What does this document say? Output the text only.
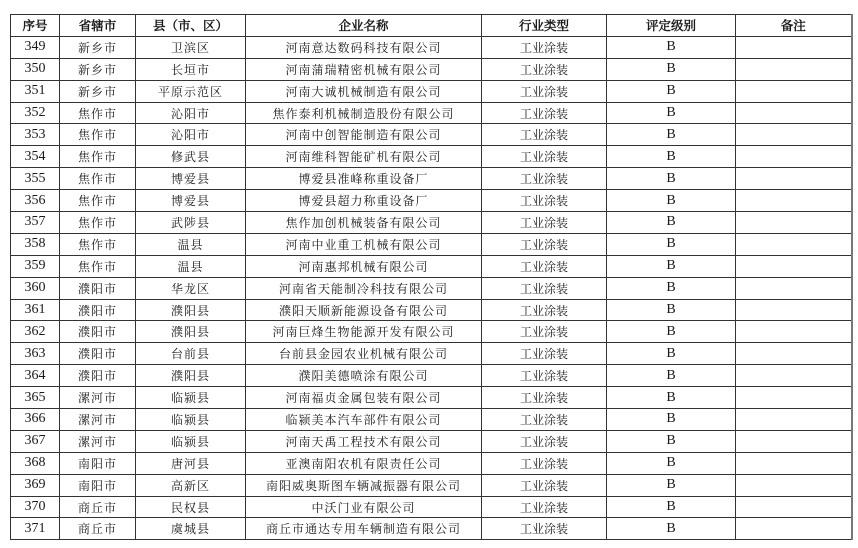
序号	省辖市	县（市、区）	企业名称	行业类型	评定级别	备注
349	新乡市	卫滨区	河南意达数码科技有限公司	工业涂装	B	
350	新乡市	长垣市	河南蒲瑞精密机械有限公司	工业涂装	B	
351	新乡市	平原示范区	河南大诚机械制造有限公司	工业涂装	B	
352	焦作市	沁阳市	焦作泰利机械制造股份有限公司	工业涂装	B	
353	焦作市	沁阳市	河南中创智能制造有限公司	工业涂装	B	
354	焦作市	修武县	河南维科智能矿机有限公司	工业涂装	B	
355	焦作市	博爱县	博爱县准峰称重设备厂	工业涂装	B	
356	焦作市	博爱县	博爱县超力称重设备厂	工业涂装	B	
357	焦作市	武陟县	焦作加创机械装备有限公司	工业涂装	B	
358	焦作市	温县	河南中业重工机械有限公司	工业涂装	B	
359	焦作市	温县	河南惠邦机械有限公司	工业涂装	B	
360	濮阳市	华龙区	河南省天能制冷科技有限公司	工业涂装	B	
361	濮阳市	濮阳县	濮阳天顺新能源设备有限公司	工业涂装	B	
362	濮阳市	濮阳县	河南巨烽生物能源开发有限公司	工业涂装	B	
363	濮阳市	台前县	台前县金园农业机械有限公司	工业涂装	B	
364	濮阳市	濮阳县	濮阳美德喷涂有限公司	工业涂装	B	
365	漯河市	临颍县	河南福贞金属包装有限公司	工业涂装	B	
366	漯河市	临颍县	临颍美本汽车部件有限公司	工业涂装	B	
367	漯河市	临颍县	河南天禹工程技术有限公司	工业涂装	B	
368	南阳市	唐河县	亚澳南阳农机有限责任公司	工业涂装	B	
369	南阳市	高新区	南阳威奥斯图车辆减振器有限公司	工业涂装	B	
370	商丘市	民权县	中沃门业有限公司	工业涂装	B	
371	商丘市	虞城县	商丘市通达专用车辆制造有限公司	工业涂装	B	
